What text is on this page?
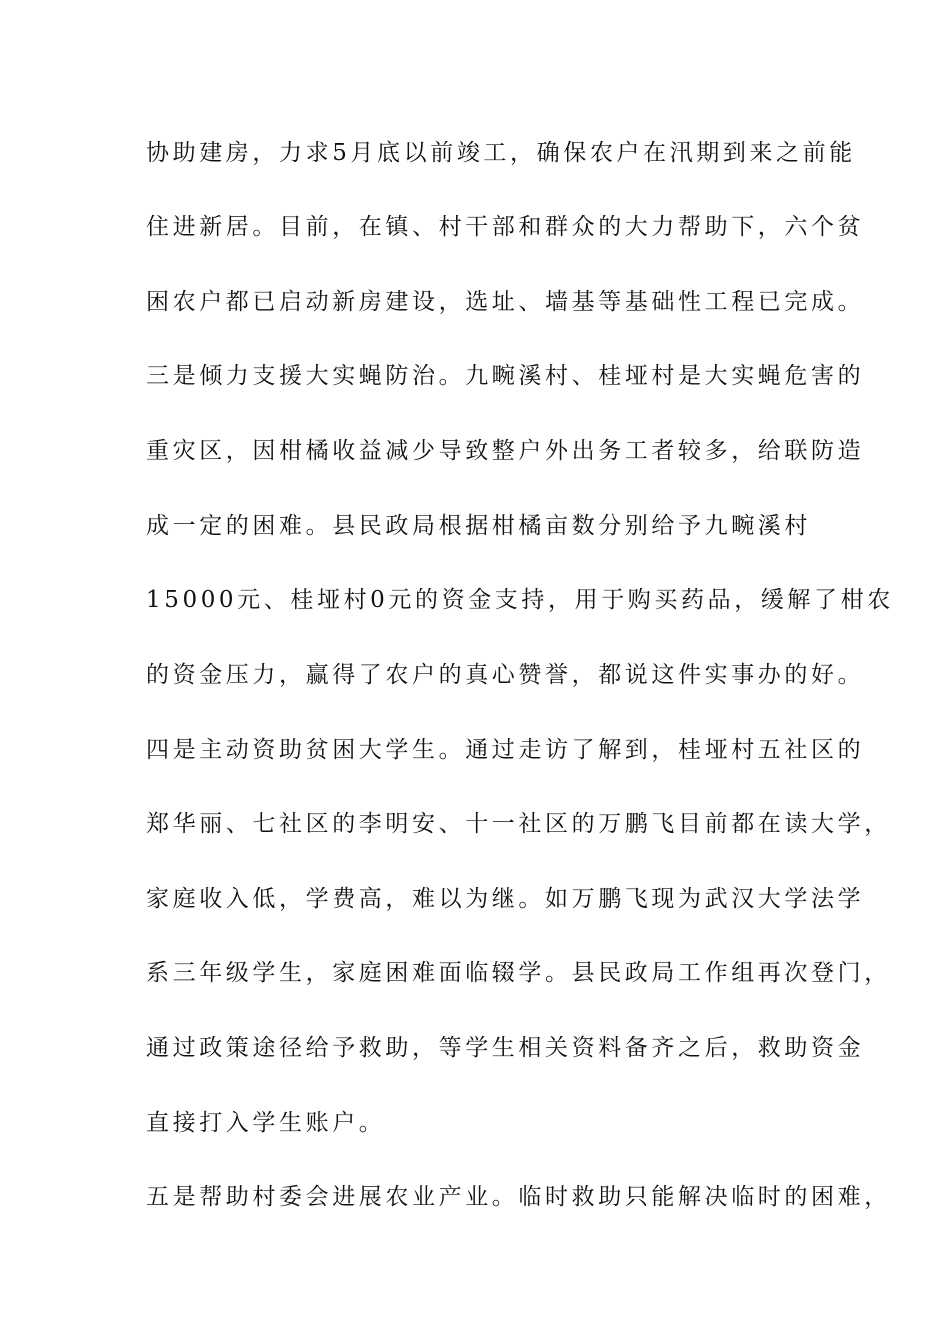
协助建房，力求5月底以前竣工，确保农户在汛期到来之前能
住进新居。目前，在镇、村干部和群众的大力帮助下，六个贫
困农户都已启动新房建设，选址、墙基等基础性工程已完成。
三是倾力支援大实蝇防治。九畹溪村、桂垭村是大实蝇危害的
重灾区，因柑橘收益减少导致整户外出务工者较多，给联防造
成一定的困难。县民政局根据柑橘亩数分别给予九畹溪村
15000元、桂垭村0元的资金支持，用于购买药品，缓解了柑农
的资金压力，赢得了农户的真心赞誉，都说这件实事办的好。
四是主动资助贫困大学生。通过走访了解到，桂垭村五社区的
郑华丽、七社区的李明安、十一社区的万鹏飞目前都在读大学，
家庭收入低，学费高，难以为继。如万鹏飞现为武汉大学法学
系三年级学生，家庭困难面临辍学。县民政局工作组再次登门，
通过政策途径给予救助，等学生相关资料备齐之后，救助资金
直接打入学生账户。
五是帮助村委会进展农业产业。临时救助只能解决临时的困难，
